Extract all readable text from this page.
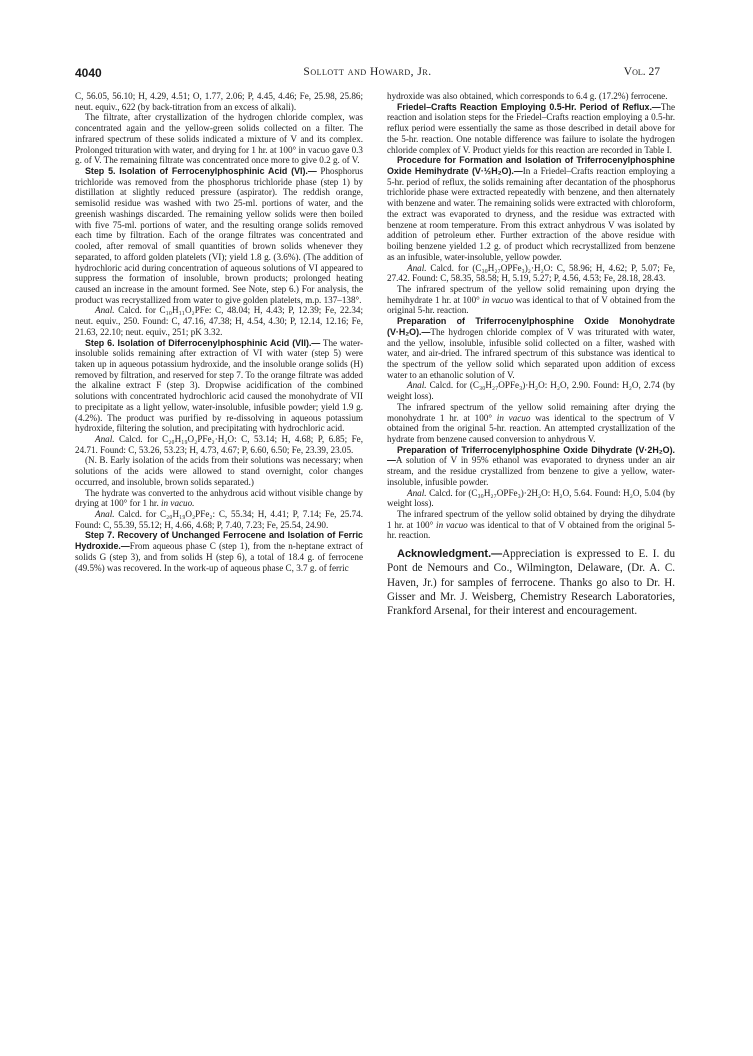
4040	Sollott and Howard, Jr.	Vol. 27

C, 56.05, 56.10; H, 4.29, 4.51; O, 1.77, 2.06; P, 4.45, 4.46; Fe, 25.98, 25.86; neut. equiv., 622 (by back-titration from an excess of alkali).

The filtrate, after crystallization of the hydrogen chloride complex, was concentrated again and the yellow-green solids collected on a filter. The infrared spectrum of these solids indicated a mixture of V and its complex. Prolonged trituration with water, and drying for 1 hr. at 100° in vacuo gave 0.3 g. of V. The remaining filtrate was concentrated once more to give 0.2 g. of V.

Step 5. Isolation of Ferrocenylphosphinic Acid (VI).— Phosphorus trichloride was removed from the phosphorus trichloride phase (step 1) by distillation at slightly reduced pressure (aspirator). The reddish orange, semisolid residue was washed with two 25-ml. portions of water, and the greenish washings discarded. The remaining yellow solids were then boiled with five 75-ml. portions of water, and the resulting orange solids removed each time by filtration. Each of the orange filtrates was concentrated and cooled, after removal of small quantities of brown solids whenever they separated, to afford golden platelets (VI); yield 1.8 g. (3.6%). (The addition of hydrochloric acid during concentration of aqueous solutions of VI appeared to suppress the formation of insoluble, brown products; prolonged heating caused an increase in the amount formed. See Note, step 6.) For analysis, the product was recrystallized from water to give golden platelets, m.p. 137–138°.

Anal. Calcd. for C₁₀H₁₁O₂PFe: C, 48.04; H, 4.43; P, 12.39; Fe, 22.34; neut. equiv., 250. Found: C, 47.16, 47.38; H, 4.54, 4.30; P, 12.14, 12.16; Fe, 21.63, 22.10; neut. equiv., 251; pK 3.32.

Step 6. Isolation of Diferrocenylphosphinic Acid (VII).— The water-insoluble solids remaining after extraction of VI with water (step 5) were taken up in aqueous potassium hydroxide, and the insoluble orange solids (H) removed by filtration, and reserved for step 7. To the orange filtrate was added the alkaline extract F (step 3). Dropwise acidification of the combined solutions with concentrated hydrochloric acid caused the monohydrate of VII to precipitate as a light yellow, water-insoluble, infusible powder; yield 1.9 g. (4.2%). The product was purified by re-dissolving in aqueous potassium hydroxide, filtering the solution, and precipitating with hydrochloric acid.

Anal. Calcd. for C₂₀H₁₉O₂PFe₂·H₂O: C, 53.14; H, 4.68; P, 6.85; Fe, 24.71. Found: C, 53.26, 53.23; H, 4.73, 4.67; P, 6.60, 6.50; Fe, 23.39, 23.05.

(N. B. Early isolation of the acids from their solutions was necessary; when solutions of the acids were allowed to stand overnight, color changes occurred, and insoluble, brown solids separated.)

The hydrate was converted to the anhydrous acid without visible change by drying at 100° for 1 hr. in vacuo.

Anal. Calcd. for C₂₀H₁₉O₂PFe₂: C, 55.34; H, 4.41; P, 7.14; Fe, 25.74. Found: C, 55.39, 55.12; H, 4.66, 4.68; P, 7.40, 7.23; Fe, 25.54, 24.90.

Step 7. Recovery of Unchanged Ferrocene and Isolation of Ferric Hydroxide.—From aqueous phase C (step 1), from the n-heptane extract of solids G (step 3), and from solids H (step 6), a total of 18.4 g. of ferrocene (49.5%) was recovered. In the work-up of aqueous phase C, 3.7 g. of ferric

hydroxide was also obtained, which corresponds to 6.4 g. (17.2%) ferrocene.

Friedel–Crafts Reaction Employing 0.5-Hr. Period of Reflux.—The reaction and isolation steps for the Friedel–Crafts reaction employing a 0.5-hr. reflux period were essentially the same as those described in detail above for the 5-hr. reaction. One notable difference was failure to isolate the hydrogen chloride complex of V. Product yields for this reaction are recorded in Table I.

Procedure for Formation and Isolation of Triferrocenylphosphine Oxide Hemihydrate (V·½H₂O).—In a Friedel–Crafts reaction employing a 5-hr. period of reflux, the solids remaining after decantation of the phosphorus trichloride phase were extracted repeatedly with benzene, and then alternately with benzene and water. The remaining solids were extracted with chloroform, the extract was evaporated to dryness, and the residue was extracted with benzene at room temperature. From this extract anhydrous V was isolated by addition of petroleum ether. Further extraction of the above residue with boiling benzene yielded 1.2 g. of product which recrystallized from benzene as an infusible, water-insoluble, yellow powder.

Anal. Calcd. for (C₃₀H₂₇OPFe₃)₂·H₂O: C, 58.96; H, 4.62; P, 5.07; Fe, 27.42. Found: C, 58.35, 58.58; H, 5.19, 5.27; P, 4.56, 4.53; Fe, 28.18, 28.43.

The infrared spectrum of the yellow solid remaining upon drying the hemihydrate 1 hr. at 100° in vacuo was identical to that of V obtained from the original 5-hr. reaction.

Preparation of Triferrocenylphosphine Oxide Monohydrate (V·H₂O).—The hydrogen chloride complex of V was triturated with water, and the yellow, insoluble, infusible solid collected on a filter, washed with water, and air-dried. The infrared spectrum of this substance was identical to the spectrum of the yellow solid which separated upon addition of excess water to an ethanolic solution of V.

Anal. Calcd. for (C₃₀H₂₇OPFe₃)·H₂O: H₂O, 2.90. Found: H₂O, 2.74 (by weight loss).

The infrared spectrum of the yellow solid remaining after drying the monohydrate 1 hr. at 100° in vacuo was identical to the spectrum of V obtained from the original 5-hr. reaction. An attempted crystallization of the hydrate from benzene caused conversion to anhydrous V.

Preparation of Triferrocenylphosphine Oxide Dihydrate (V·2H₂O).—A solution of V in 95% ethanol was evaporated to dryness under an air stream, and the residue crystallized from benzene to give a yellow, water-insoluble, infusible powder.

Anal. Calcd. for (C₃₀H₂₇OPFe₃)·2H₂O: H₂O, 5.64. Found: H₂O, 5.04 (by weight loss).

The infrared spectrum of the yellow solid obtained by drying the dihydrate 1 hr. at 100° in vacuo was identical to that of V obtained from the original 5-hr. reaction.

Acknowledgment.—Appreciation is expressed to E. I. du Pont de Nemours and Co., Wilmington, Delaware, (Dr. A. C. Haven, Jr.) for samples of ferrocene. Thanks go also to Dr. H. Gisser and Mr. J. Weisberg, Chemistry Research Laboratories, Frankford Arsenal, for their interest and encouragement.
